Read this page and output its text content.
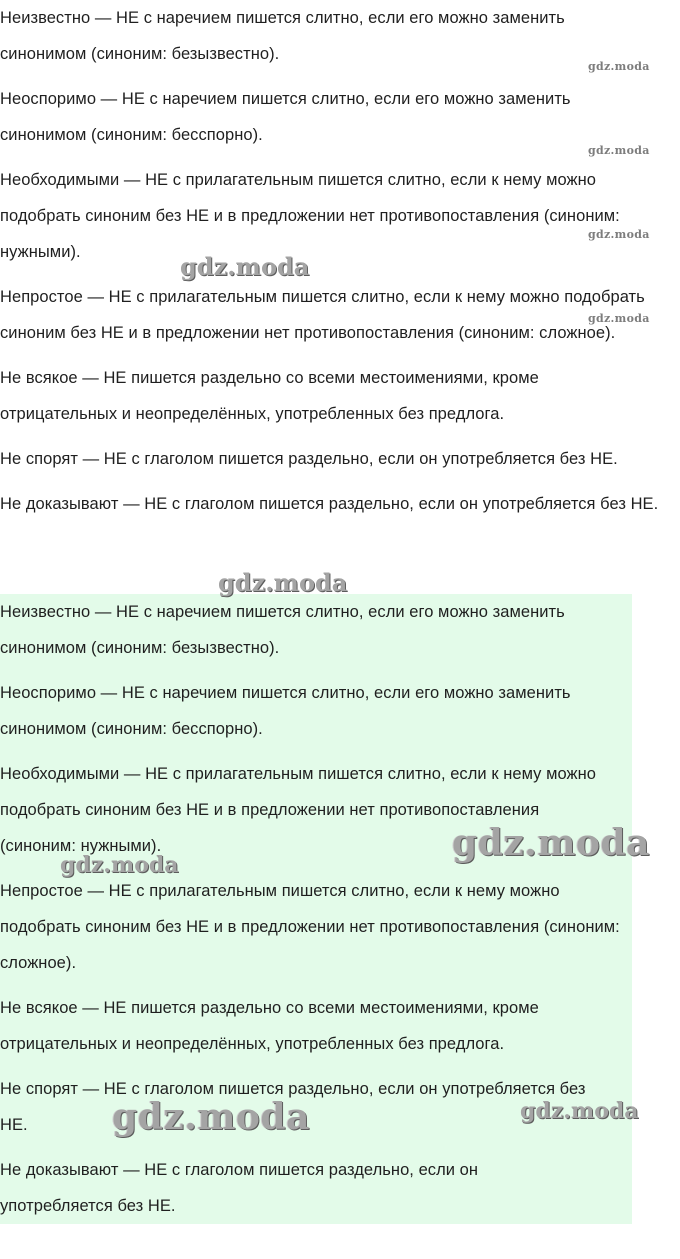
Неизвестно — НЕ с наречием пишется слитно, если его можно заменить синонимом (синоним: безызвестно).

Неоспоримо — НЕ с наречием пишется слитно, если его можно заменить синонимом (синоним: бесспорно).

Необходимыми — НЕ с прилагательным пишется слитно, если к нему можно подобрать синоним без НЕ и в предложении нет противопоставления (синоним: нужными).

Непростое — НЕ с прилагательным пишется слитно, если к нему можно подобрать синоним без НЕ и в предложении нет противопоставления (синоним: сложное).

Не всякое — НЕ пишется раздельно со всеми местоимениями, кроме отрицательных и неопределённых, употребленных без предлога.

Не спорят — НЕ с глаголом пишется раздельно, если он употребляется без НЕ.

Не доказывают — НЕ с глаголом пишется раздельно, если он употребляется без НЕ.

Неизвестно — НЕ с наречием пишется слитно, если его можно заменить синонимом (синоним: безызвестно).

Неоспоримо — НЕ с наречием пишется слитно, если его можно заменить синонимом (синоним: бесспорно).

Необходимыми — НЕ с прилагательным пишется слитно, если к нему можно подобрать синоним без НЕ и в предложении нет противопоставления (синоним: нужными).

Непростое — НЕ с прилагательным пишется слитно, если к нему можно подобрать синоним без НЕ и в предложении нет противопоставления (синоним: сложное).

Не всякое — НЕ пишется раздельно со всеми местоимениями, кроме отрицательных и неопределённых, употребленных без предлога.

Не спорят — НЕ с глаголом пишется раздельно, если он употребляется без НЕ.

Не доказывают — НЕ с глаголом пишется раздельно, если он употребляется без НЕ.

gdz.moda
gdz.moda
gdz.moda
gdz.moda
gdz.moda
gdz.moda
gdz.moda
gdz.moda
gdz.moda	gdz.moda
